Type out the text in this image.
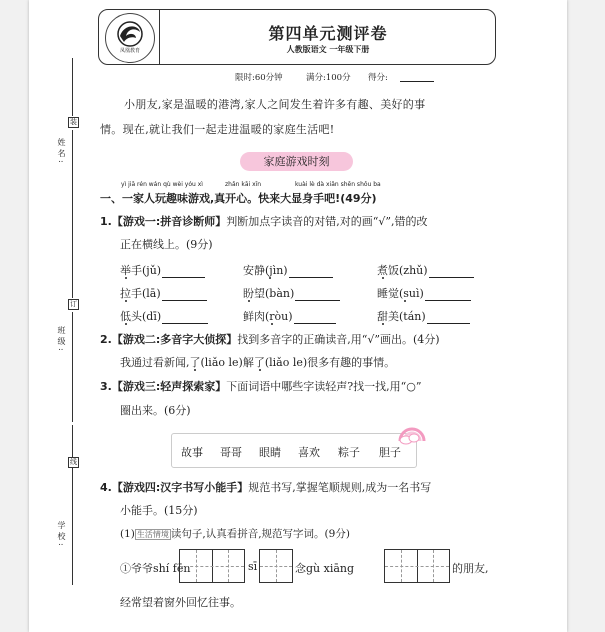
装
订
线
姓名:
班级:
学校:
凤凰教育
第四单元测评卷
人教版语文 一年级下册
限时:60分钟	满分:100分 得分:
小朋友,家是温暖的港湾,家人之间发生着许多有趣、美好的事
情。现在,就让我们一起走进温暖的家庭生活吧!
家庭游戏时刻
yì jiā rén wán qù wèi yóu xì	zhǎn kāi xīn	kuài lè dà xiǎn shēn shǒu ba
一、一家人玩趣味游戏,真开心。快来大显身手吧!(49分)
1.【游戏一:拼音诊断师】判断加点字读音的对错,对的画“√”,错的改
正在横线上。(9分)
举手(jǔ)	安静(jìn)	煮饭(zhǔ)
拉手(lā)	盼望(bàn)	睡觉(suì)
低头(dī)	鲜肉(ròu)	甜美(tán)
2.【游戏二:多音字大侦探】找到多音字的正确读音,用“√”画出。(4分)
我通过看新闻,了(liǎo le)解了(liǎo le)很多有趣的事情。
3.【游戏三:轻声探索家】下面词语中哪些字读轻声?找一找,用“○”
圈出来。(6分)
故事 哥哥 眼睛 喜欢 粽子 胆子
4.【游戏四:汉字书写小能手】规范书写,掌握笔顺规则,成为一名书写
小能手。(15分)
(1) 生活情境 读句子,认真看拼音,规范写字词。(9分)
①爷爷shí fēn	sī	念gù xiāng	的朋友,
经常望着窗外回忆往事。
